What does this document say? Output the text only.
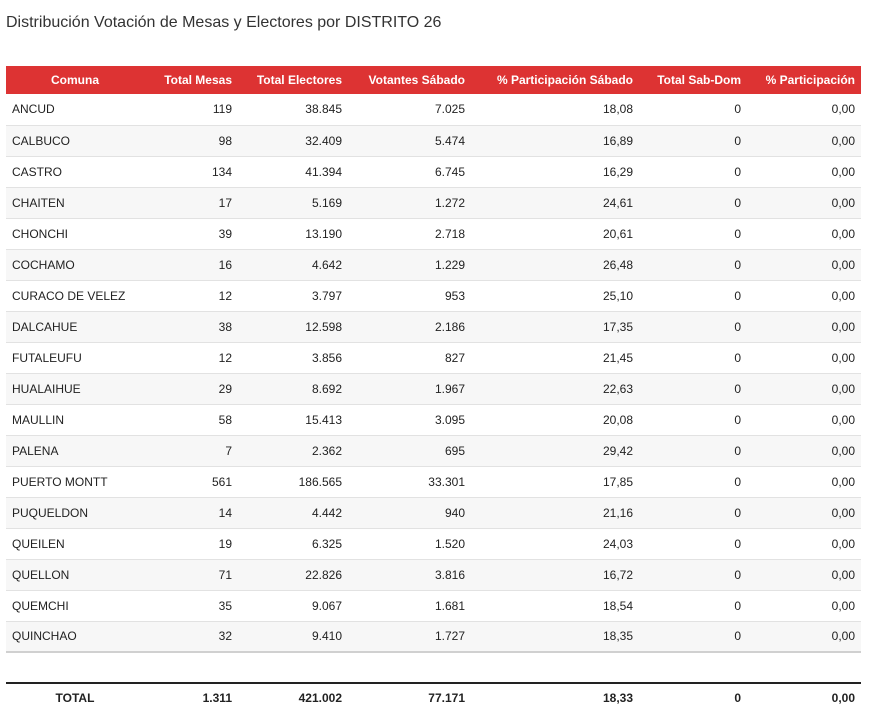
Distribución Votación de Mesas y Electores por DISTRITO 26
Comuna	Total Mesas	Total Electores	Votantes Sábado	% Participación Sábado	Total Sab-Dom	% Participación
ANCUD	119	38.845	7.025	18,08	0	0,00
CALBUCO	98	32.409	5.474	16,89	0	0,00
CASTRO	134	41.394	6.745	16,29	0	0,00
CHAITEN	17	5.169	1.272	24,61	0	0,00
CHONCHI	39	13.190	2.718	20,61	0	0,00
COCHAMO	16	4.642	1.229	26,48	0	0,00
CURACO DE VELEZ	12	3.797	953	25,10	0	0,00
DALCAHUE	38	12.598	2.186	17,35	0	0,00
FUTALEUFU	12	3.856	827	21,45	0	0,00
HUALAIHUE	29	8.692	1.967	22,63	0	0,00
MAULLIN	58	15.413	3.095	20,08	0	0,00
PALENA	7	2.362	695	29,42	0	0,00
PUERTO MONTT	561	186.565	33.301	17,85	0	0,00
PUQUELDON	14	4.442	940	21,16	0	0,00
QUEILEN	19	6.325	1.520	24,03	0	0,00
QUELLON	71	22.826	3.816	16,72	0	0,00
QUEMCHI	35	9.067	1.681	18,54	0	0,00
QUINCHAO	32	9.410	1.727	18,35	0	0,00

TOTAL	1.311	421.002	77.171	18,33	0	0,00
